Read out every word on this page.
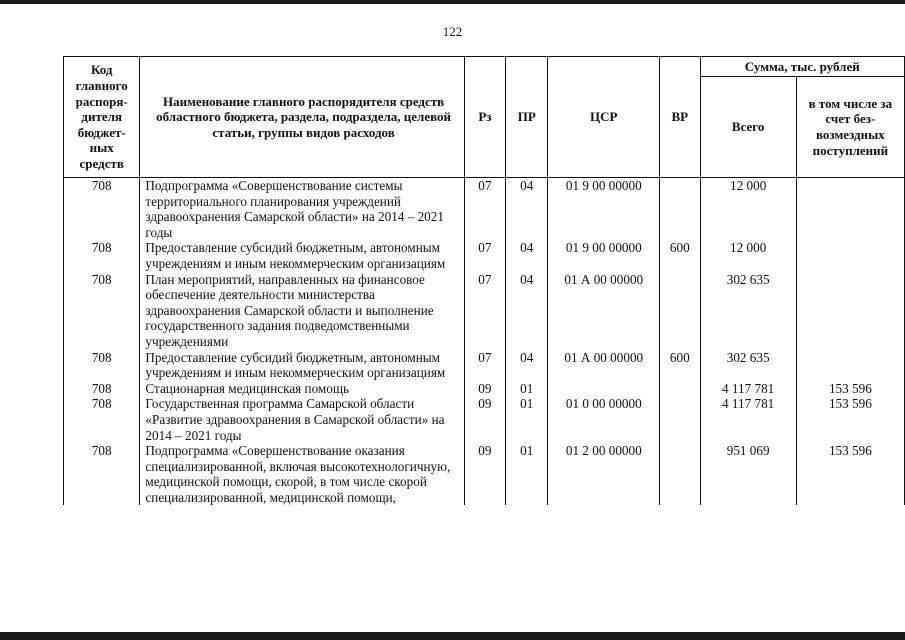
122
Код главного распоря-дителя бюджет-ных средств	Наименование главного распорядителя средств областного бюджета, раздела, подраздела, целевой статьи, группы видов расходов	Рз	ПР	ЦСР	ВР	Сумма, тыс. рублей	
						Всего	в том числе за счет без-возмездных поступлений
708	Подпрограмма «Совершенствование системы территориального планирования учреждений здравоохранения Самарской области» на 2014 – 2021 годы	07	04	01 9 00 00000		12 000	
708	Предоставление субсидий бюджетным, автономным учреждениям и иным некоммерческим организациям	07	04	01 9 00 00000	600	12 000	
708	План мероприятий, направленных на финансовое обеспечение деятельности министерства здравоохранения Самарской области и выполнение государственного задания подведомственными учреждениями	07	04	01 А 00 00000		302 635	
708	Предоставление субсидий бюджетным, автономным учреждениям и иным некоммерческим организациям	07	04	01 А 00 00000	600	302 635	
708	Стационарная медицинская помощь	09	01			4 117 781	153 596
708	Государственная программа Самарской области «Развитие здравоохранения в Самарской области» на 2014 – 2021 годы	09	01	01 0 00 00000		4 117 781	153 596
708	Подпрограмма «Совершенствование оказания специализированной, включая высокотехнологичную, медицинской помощи, скорой, в том числе скорой специализированной, медицинской помощи,	09	01	01 2 00 00000		951 069	153 596
